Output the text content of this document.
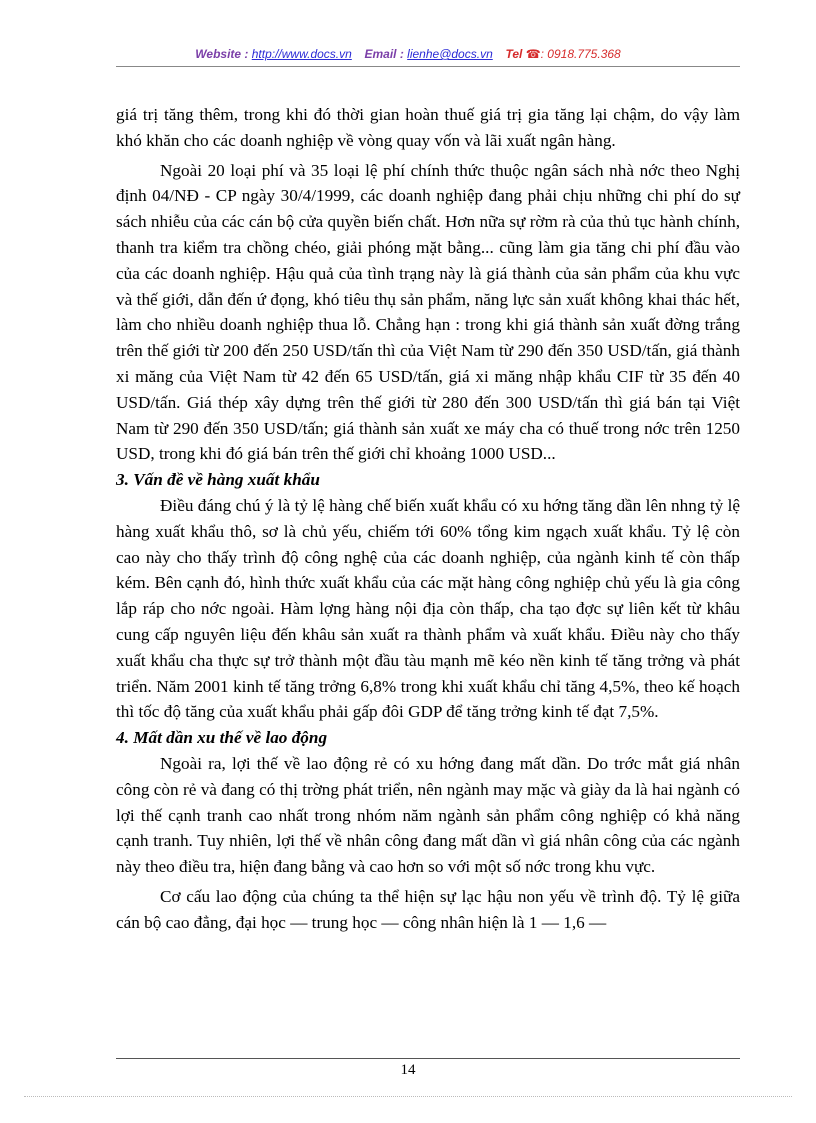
Website : http://www.docs.vn Email : lienhe@docs.vn Tel ☎: 0918.775.368

giá trị tăng thêm, trong khi đó thời gian hoàn thuế giá trị gia tăng lại chậm, do vậy làm khó khăn cho các doanh nghiệp về vòng quay vốn và lãi xuất ngân hàng.

Ngoài 20 loại phí và 35 loại lệ phí chính thức thuộc ngân sách nhà nớc theo Nghị định 04/NĐ - CP ngày 30/4/1999, các doanh nghiệp đang phải chịu những chi phí do sự sách nhiễu của các cán bộ cửa quyền biến chất. Hơn nữa sự rờm rà của thủ tục hành chính, thanh tra kiểm tra chồng chéo, giải phóng mặt bằng... cũng làm gia tăng chi phí đầu vào của các doanh nghiệp. Hậu quả của tình trạng này là giá thành của sản phẩm của khu vực và thế giới, dẫn đến ứ đọng, khó tiêu thụ sản phẩm, năng lực sản xuất không khai thác hết, làm cho nhiều doanh nghiệp thua lỗ. Chẳng hạn : trong khi giá thành sản xuất đờng trắng trên thế giới từ 200 đến 250 USD/tấn thì của Việt Nam từ 290 đến 350 USD/tấn, giá thành xi măng của Việt Nam từ 42 đến 65 USD/tấn, giá xi măng nhập khẩu CIF từ 35 đến 40 USD/tấn. Giá thép xây dựng trên thế giới từ 280 đến 300 USD/tấn thì giá bán tại Việt Nam từ 290 đến 350 USD/tấn; giá thành sản xuất xe máy cha có thuế trong nớc trên 1250 USD, trong khi đó giá bán trên thế giới chỉ khoảng 1000 USD...

3. Vấn đề về hàng xuất khẩu

Điều đáng chú ý là tỷ lệ hàng chế biến xuất khẩu có xu hớng tăng dần lên nhng tỷ lệ hàng xuất khẩu thô, sơ là chủ yếu, chiếm tới 60% tổng kim ngạch xuất khẩu. Tỷ lệ còn cao này cho thấy trình độ công nghệ của các doanh nghiệp, của ngành kinh tế còn thấp kém. Bên cạnh đó, hình thức xuất khẩu của các mặt hàng công nghiệp chủ yếu là gia công lắp ráp cho nớc ngoài. Hàm lợng hàng nội địa còn thấp, cha tạo đợc sự liên kết từ khâu cung cấp nguyên liệu đến khâu sản xuất ra thành phẩm và xuất khẩu. Điều này cho thấy xuất khẩu cha thực sự trở thành một đầu tàu mạnh mẽ kéo nền kinh tế tăng trởng và phát triển. Năm 2001 kinh tế tăng trởng 6,8% trong khi xuất khẩu chỉ tăng 4,5%, theo kế hoạch thì tốc độ tăng của xuất khẩu phải gấp đôi GDP để tăng trởng kinh tế đạt 7,5%.

4. Mất dần xu thế về lao động

Ngoài ra, lợi thế về lao động rẻ có xu hớng đang mất dần. Do trớc mắt giá nhân công còn rẻ và đang có thị trờng phát triển, nên ngành may mặc và giày da là hai ngành có lợi thế cạnh tranh cao nhất trong nhóm năm ngành sản phẩm công nghiệp có khả năng cạnh tranh. Tuy nhiên, lợi thế về nhân công đang mất dần vì giá nhân công của các ngành này theo điều tra, hiện đang bằng và cao hơn so với một số nớc trong khu vực.

Cơ cấu lao động của chúng ta thể hiện sự lạc hậu non yếu về trình độ. Tỷ lệ giữa cán bộ cao đẳng, đại học — trung học — công nhân hiện là 1 — 1,6 —

14
